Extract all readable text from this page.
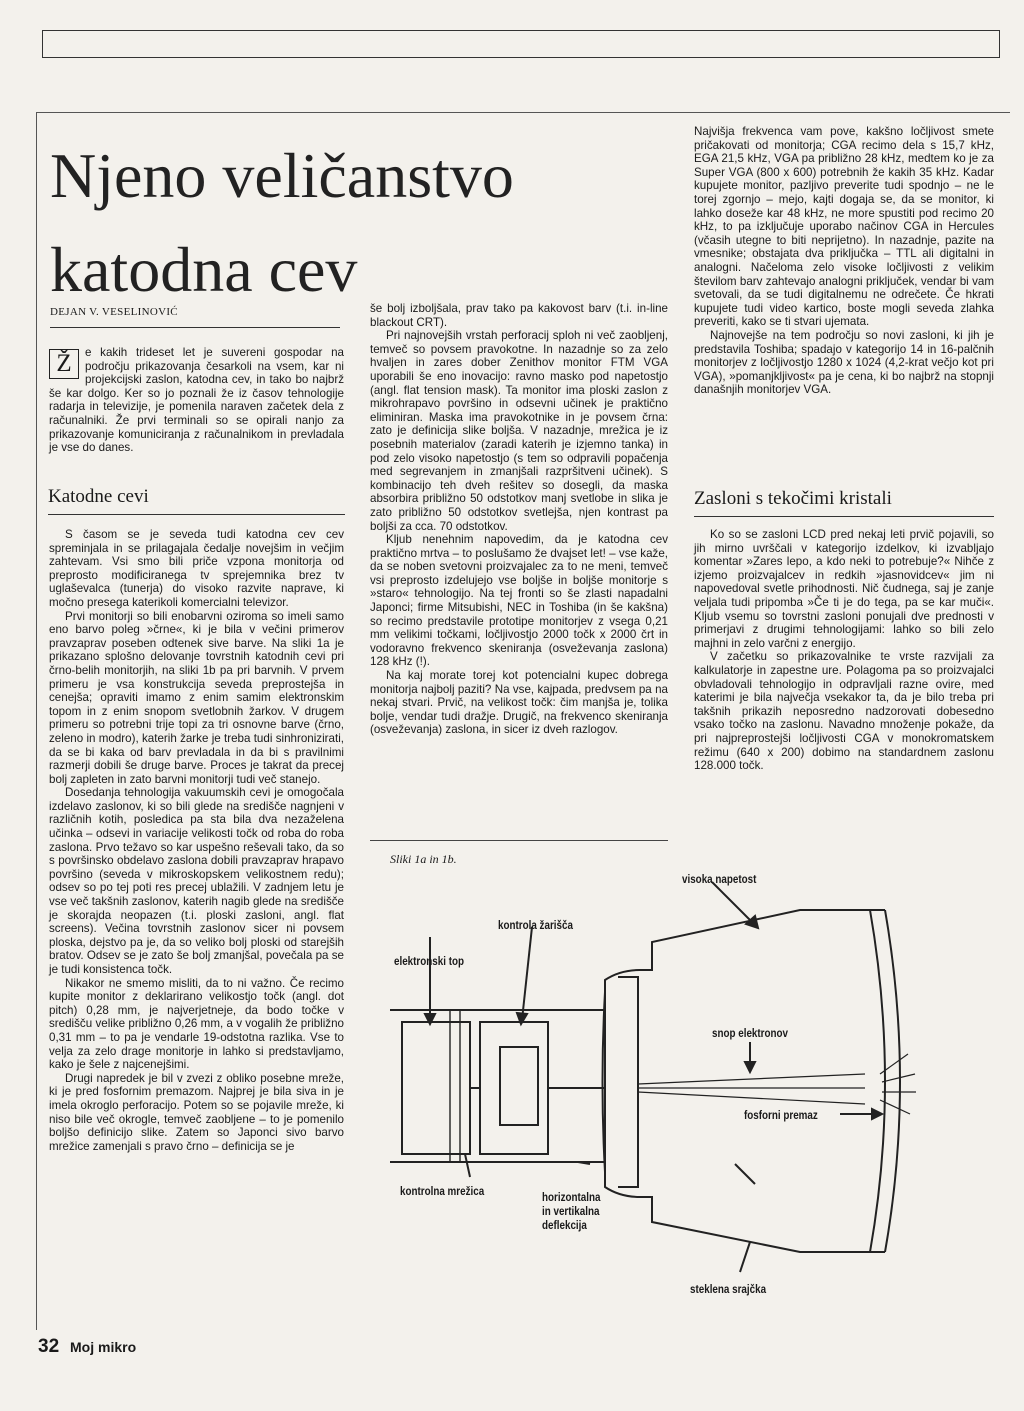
Njeno veličanstvo
katodna cev
DEJAN V. VESELINOVIĆ

Ž	e kakih trideset let je suvereni gospodar na področju prikazovanja česarkoli na vsem, kar ni projekcijski zaslon, katodna cev, in tako bo najbrž še kar dolgo. Ker so jo poznali že iz časov tehnologije radarja in televizije, je pomenila naraven začetek dela z računalniki. Že prvi terminali so se opirali nanjo za prikazovanje komuniciranja z računalnikom in prevladala je vse do danes.

Katodne cevi

S časom se je seveda tudi katodna cev cev spreminjala in se prilagajala čedalje novejšim in večjim zahtevam. Vsi smo bili priče vzpona monitorja od preprosto modificiranega tv sprejemnika brez tv uglaševalca (tunerja) do visoko razvite naprave, ki močno presega katerikoli komercialni televizor.

Prvi monitorji so bili enobarvni oziroma so imeli samo eno barvo poleg »črne«, ki je bila v večini primerov pravzaprav poseben odtenek sive barve. Na sliki 1a je prikazano splošno delovanje tovrstnih katodnih cevi pri črno-belih monitorjih, na sliki 1b pa pri barvnih. V prvem primeru je vsa konstrukcija seveda preprostejša in cenejša; opraviti imamo z enim samim elektronskim topom in z enim snopom svetlobnih žarkov. V drugem primeru so potrebni trije topi za tri osnovne barve (črno, zeleno in modro), katerih žarke je treba tudi sinhronizirati, da se bi kaka od barv prevladala in da bi s pravilnimi razmerji dobili še druge barve. Proces je takrat da precej bolj zapleten in zato barvni monitorji tudi več stanejo.

Dosedanja tehnologija vakuumskih cevi je omogočala izdelavo zaslonov, ki so bili glede na središče nagnjeni v različnih kotih, posledica pa sta bila dva nezaželena učinka – odsevi in variacije velikosti točk od roba do roba zaslona. Prvo težavo so kar uspešno reševali tako, da so s površinsko obdelavo zaslona dobili pravzaprav hrapavo površino (seveda v mikroskopskem velikostnem redu); odsev so po tej poti res precej ublažili. V zadnjem letu je vse več takšnih zaslonov, katerih nagib glede na središče je skorajda neopazen (t.i. ploski zasloni, angl. flat screens). Večina tovrstnih zaslonov sicer ni povsem ploska, dejstvo pa je, da so veliko bolj ploski od starejših bratov. Odsev se je zato še bolj zmanjšal, povečala pa se je tudi konsistenca točk.

Nikakor ne smemo misliti, da to ni važno. Če recimo kupite monitor z deklarirano velikostjo točk (angl. dot pitch) 0,28 mm, je najverjetneje, da bodo točke v središču velike približno 0,26 mm, a v vogalih že približno 0,31 mm – to pa je vendarle 19-odstotna razlika. Vse to velja za zelo drage monitorje in lahko si predstavljamo, kako je šele z najcenejšimi.

Drugi napredek je bil v zvezi z obliko posebne mreže, ki je pred fosfornim premazom. Najprej je bila siva in je imela okroglo perforacijo. Potem so se pojavile mreže, ki niso bile več okrogle, temveč zaobljene – to je pomenilo boljšo definicijo slike. Zatem so Japonci sivo barvo mrežice zamenjali s pravo črno – definicija se je

še bolj izboljšala, prav tako pa kakovost barv (t.i. in-line blackout CRT).

Pri najnovejših vrstah perforacij sploh ni več zaobljenj, temveč so povsem pravokotne. In nazadnje so za zelo hvaljen in zares dober Zenithov monitor FTM VGA uporabili še eno inovacijo: ravno masko pod napetostjo (angl. flat tension mask). Ta monitor ima ploski zaslon z mikrohrapavo površino in odsevni učinek je praktično eliminiran. Maska ima pravokotnike in je povsem črna: zato je definicija slike boljša. V nazadnje, mrežica je iz posebnih materialov (zaradi katerih je izjemno tanka) in pod zelo visoko napetostjo (s tem so odpravili popačenja med segrevanjem in zmanjšali razpršitveni učinek). S kombinacijo teh dveh rešitev so dosegli, da maska absorbira približno 50 odstotkov manj svetlobe in slika je zato približno 50 odstotkov svetlejša, njen kontrast pa boljši za cca. 70 odstotkov.

Kljub nenehnim napovedim, da je katodna cev praktično mrtva – to poslušamo že dvajset let! – vse kaže, da se noben svetovni proizvajalec za to ne meni, temveč vsi preprosto izdelujejo vse boljše in boljše monitorje s »staro« tehnologijo. Na tej fronti so še zlasti napadalni Japonci; firme Mitsubishi, NEC in Toshiba (in še kakšna) so recimo predstavile prototipe monitorjev z vsega 0,21 mm velikimi točkami, ločljivostjo 2000 točk x 2000 črt in vodoravno frekvenco skeniranja (osveževanja zaslona) 128 kHz (!).

Na kaj morate torej kot potencialni kupec dobrega monitorja najbolj paziti? Na vse, kajpada, predvsem pa na nekaj stvari. Prvič, na velikost točk: čim manjša je, tolika bolje, vendar tudi dražje. Drugič, na frekvenco skeniranja (osveževanja) zaslona, in sicer iz dveh razlogov.

Najvišja frekvenca vam pove, kakšno ločljivost smete pričakovati od monitorja; CGA recimo dela s 15,7 kHz, EGA 21,5 kHz, VGA pa približno 28 kHz, medtem ko je za Super VGA (800 x 600) potrebnih že kakih 35 kHz. Kadar kupujete monitor, pazljivo preverite tudi spodnjo – ne le torej zgornjo – mejo, kajti dogaja se, da se monitor, ki lahko doseže kar 48 kHz, ne more spustiti pod recimo 20 kHz, to pa izključuje uporabo načinov CGA in Hercules (včasih utegne to biti neprijetno). In nazadnje, pazite na vmesnike; obstajata dva priključka – TTL ali digitalni in analogni. Načeloma zelo visoke ločljivosti z velikim številom barv zahtevajo analogni priključek, vendar bi vam svetovali, da se tudi digitalnemu ne odrečete. Če hkrati kupujete tudi video kartico, boste mogli seveda zlahka preveriti, kako se ti stvari ujemata.

Najnovejše na tem področju so novi zasloni, ki jih je predstavila Toshiba; spadajo v kategorijo 14 in 16-palčnih monitorjev z ločljivostjo 1280 x 1024 (4,2-krat večjo kot pri VGA), »pomanjkljivost« pa je cena, ki bo najbrž na stopnji današnjih monitorjev VGA.

Zasloni s tekočimi kristali

Ko so se zasloni LCD pred nekaj leti prvič pojavili, so jih mirno uvrščali v kategorijo izdelkov, ki izvabljajo komentar »Zares lepo, a kdo neki to potrebuje?« Nihče z izjemo proizvajalcev in redkih »jasnovidcev« jim ni napovedoval svetle prihodnosti. Nič čudnega, saj je zanje veljala tudi pripomba »Če ti je do tega, pa se kar muči«. Kljub vsemu so tovrstni zasloni ponujali dve prednosti v primerjavi z drugimi tehnologijami: lahko so bili zelo majhni in zelo varčni z energijo.

V začetku so prikazovalnike te vrste razvijali za kalkulatorje in zapestne ure. Polagoma pa so proizvajalci obvladovali tehnologijo in odpravljali razne ovire, med katerimi je bila največja vsekakor ta, da je bilo treba pri takšnih prikazih neposredno nadzorovati dobesedno vsako točko na zaslonu. Navadno množenje pokaže, da pri najpreprostejši ločljivosti CGA v monokromatskem režimu (640 x 200) dobimo na standardnem zaslonu 128.000 točk.

Sliki 1a in 1b.
visoka napetost
kontrola žarišča
elektronski top
snop elektronov
fosforni premaz
kontrolna mrežica	horizontalna
in vertikalna
deflekcija
steklena srajčka
32 Moj mikro
